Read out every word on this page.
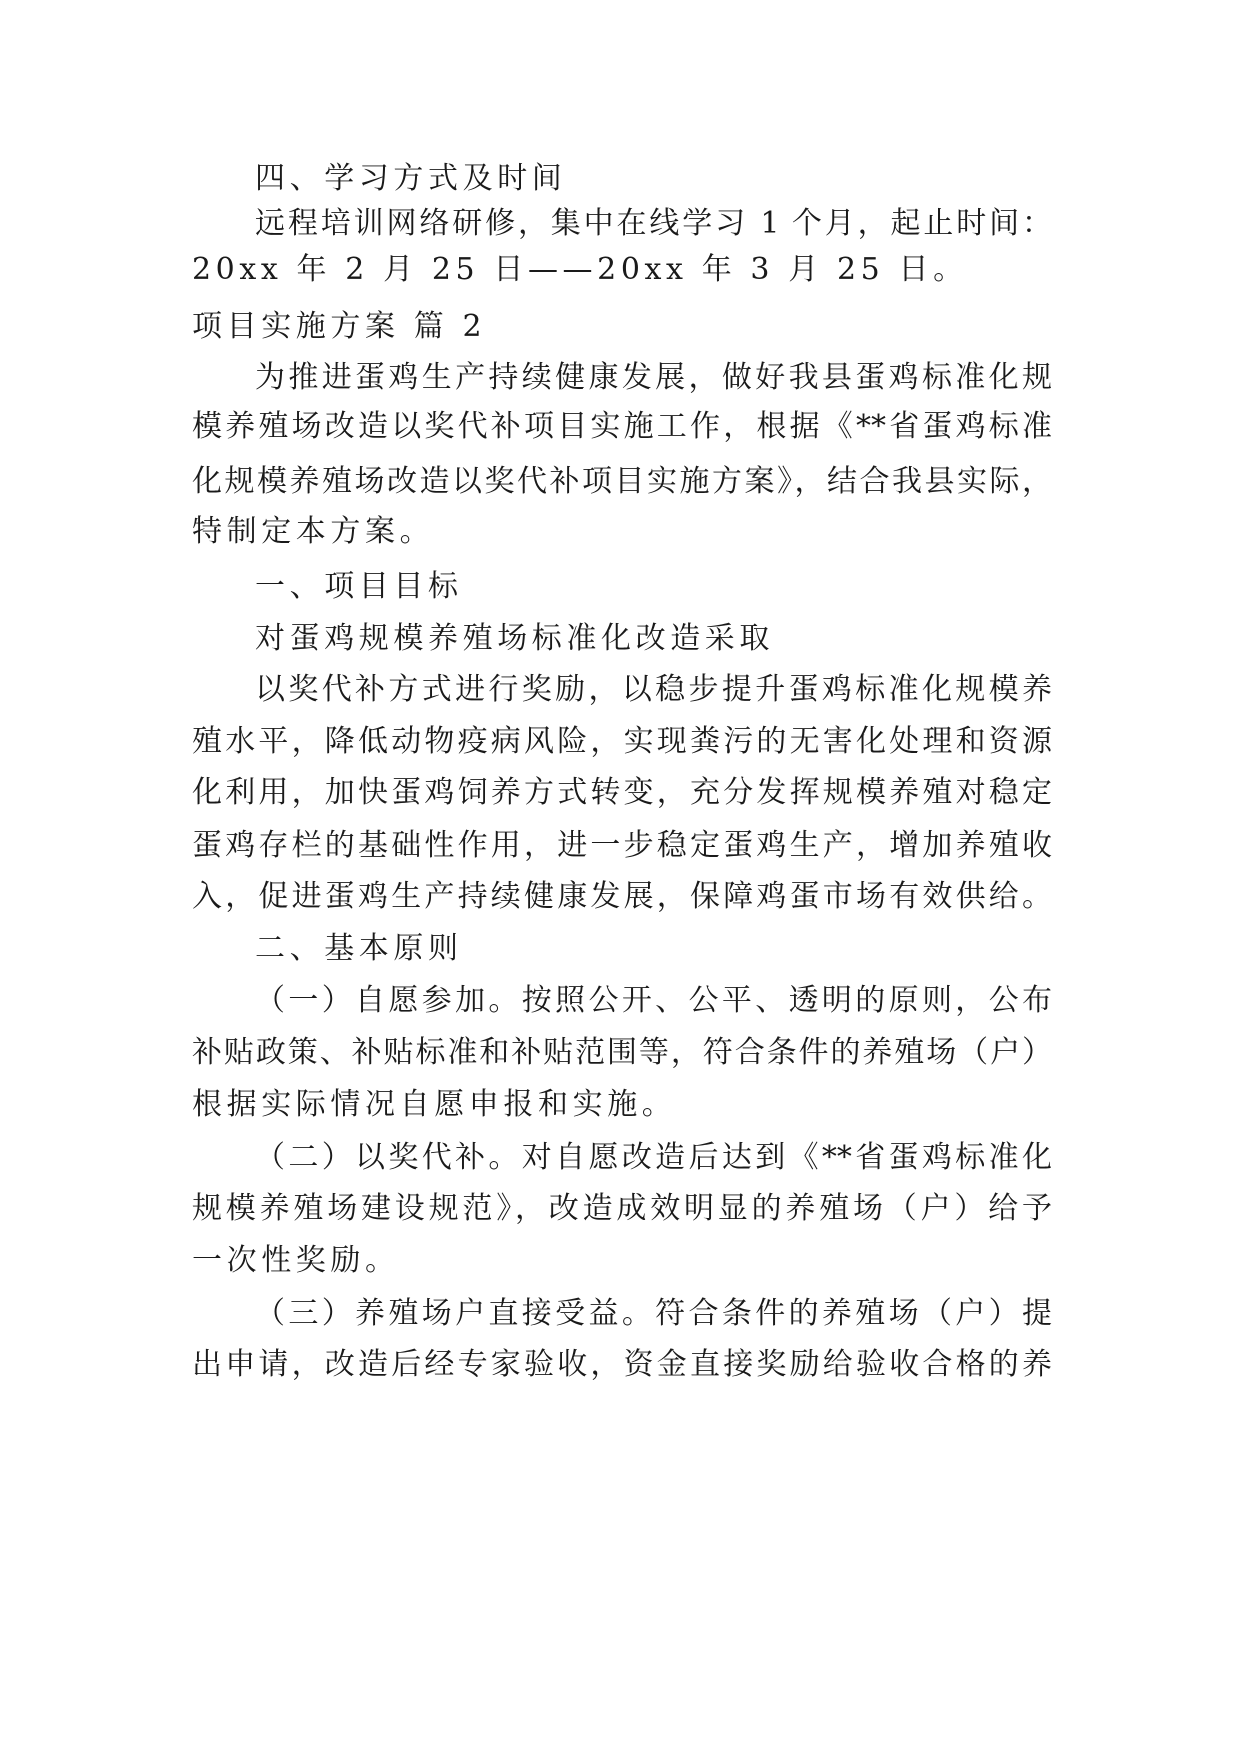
四、学习方式及时间
远程培训网络研修，集中在线学习 1 个月，起止时间：
20xx 年 2 月 25 日——20xx 年 3 月 25 日。
项目实施方案 篇 2
为推进蛋鸡生产持续健康发展，做好我县蛋鸡标准化规
模养殖场改造以奖代补项目实施工作，根据《**省蛋鸡标准
化规模养殖场改造以奖代补项目实施方案》，结合我县实际，
特制定本方案。
一、项目目标
对蛋鸡规模养殖场标准化改造采取
以奖代补方式进行奖励，以稳步提升蛋鸡标准化规模养
殖水平，降低动物疫病风险，实现粪污的无害化处理和资源
化利用，加快蛋鸡饲养方式转变，充分发挥规模养殖对稳定
蛋鸡存栏的基础性作用，进一步稳定蛋鸡生产，增加养殖收
入，促进蛋鸡生产持续健康发展，保障鸡蛋市场有效供给。
二、基本原则
（一）自愿参加。按照公开、公平、透明的原则，公布
补贴政策、补贴标准和补贴范围等，符合条件的养殖场（户）
根据实际情况自愿申报和实施。
（二）以奖代补。对自愿改造后达到《**省蛋鸡标准化
规模养殖场建设规范》，改造成效明显的养殖场（户）给予
一次性奖励。
（三）养殖场户直接受益。符合条件的养殖场（户）提
出申请，改造后经专家验收，资金直接奖励给验收合格的养
